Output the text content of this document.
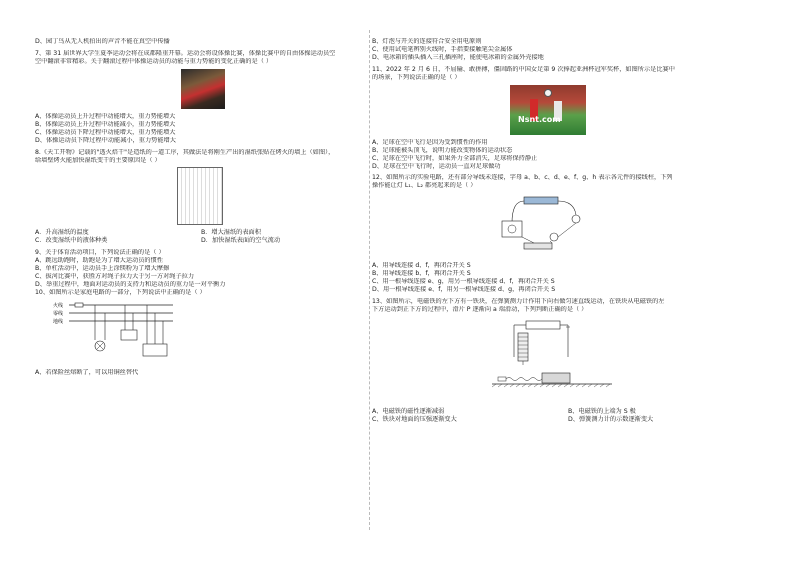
D、园丁鸟从无人机拍出的声音不能在真空中传播
7、第 31 届世界大学生夏季运动会将在成都隆重开幕。运动会将设体操比赛，体操比赛中的自由体操运动员空
空中翻滚非常精彩。关于翻滚过程中体操运动员的动能与重力势能的变化正确的是（ ）
A、体操运动员上升过程中动能增大，重力势能增大
B、体操运动员上升过程中动能减小，重力势能增大
C、体操运动员下降过程中动能增大，重力势能增大
D、体操运动员下降过程中动能减小，重力势能增大
8.《天工开物》记载的"透火焙干"是造纸的一道工序，其做法是将刚生产出的湿纸张贴在烤火的墙上（如图），
给墙壁烤火能加快湿纸变干的主要原因是（ ）
A．升高湿纸的温度	B．增大湿纸的表面积
C．改变湿纸中的液体种类	D．加快湿纸表面的空气流动
9、关于体育活动项目，下列说法正确的是（ ）
A、跳远助跑时，助跑是为了增大运动员的惯性
B、单杠活动中，运动员手上涂镁粉为了增大摩擦
C、拔河比赛中，获胜方对绳子拉力大于另一方对绳子拉力
D、举重过程中，地面对运动员的支持力和运动员的重力是一对平衡力
10、如图所示是家庭电路的一部分，下列说法中正确的是（ ）
火线
零线
地线
A、若保险丝熔断了，可以用铜丝替代
B、灯泡与开关的连接符合安全用电原则
C、使用试电笔辨别火线时，手指要接触笔尖金属体
D、电冰箱的插头插入三孔插座时，能使电冰箱的金属外壳接地
11、2022 年 2 月 6 日，不屈输、敢拼搏，僵固路的中国女足第 9 次捧起亚洲杯冠军奖杯，如图所示是比赛中
的场景，下列说法正确的是（ ）
Nsnt.com
A、足球在空中飞行是因为受到惯性的作用
B、足球能被头顶飞，说明力能改变物体的运动状态
C、足球在空中飞行时，如果外力全部消失，足球将保持静止
D、足球在空中飞行时，运动员一直对足球做功
12、如图所示的实验电路，还有部分导线未连接，字母 a、b、c、d、e、f、g、h 表示各元件的接线柱，下列
操作能让灯 L₁、L₂ 都亮起来的是（ ）
A、用导线连接 d、f，再闭合开关 S
B、用导线连接 b、f，再闭合开关 S
C、用一根导线连接 e、g，用另一根导线连接 d、f，再闭合开关 S
D、用一根导线连接 e、f，用另一根导线连接 d、g，再闭合开关 S
13、如图所示，电磁铁的左下方有一铁块，在弹簧测力计作用下向右做匀速直线运动，在铁块从电磁铁的左
下方运动到正下方的过程中，滑片 P 逐渐向 a 端滑动，下列判断正确的是（ ）
A、电磁铁的磁性逐渐减弱	B、电磁铁的上端为 S 极
C、铁块对地面的压强逐渐变大	D、弹簧测力计的示数逐渐变大
